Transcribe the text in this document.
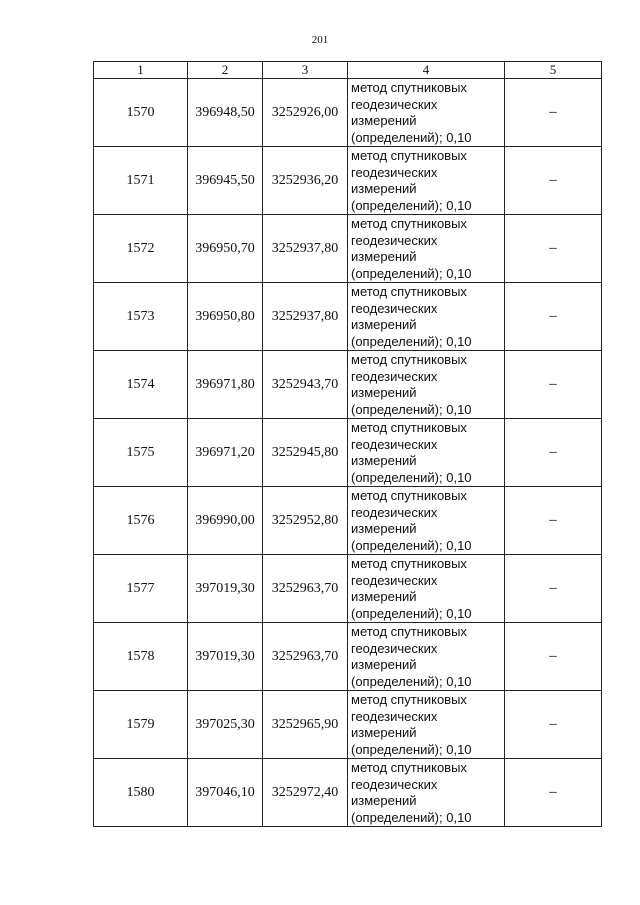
201
1	2	3	4	5
1570	396948,50	3252926,00	метод спутниковых
геодезических
измерений
(определений); 0,10	–
1571	396945,50	3252936,20	метод спутниковых
геодезических
измерений
(определений); 0,10	–
1572	396950,70	3252937,80	метод спутниковых
геодезических
измерений
(определений); 0,10	–
1573	396950,80	3252937,80	метод спутниковых
геодезических
измерений
(определений); 0,10	–
1574	396971,80	3252943,70	метод спутниковых
геодезических
измерений
(определений); 0,10	–
1575	396971,20	3252945,80	метод спутниковых
геодезических
измерений
(определений); 0,10	–
1576	396990,00	3252952,80	метод спутниковых
геодезических
измерений
(определений); 0,10	–
1577	397019,30	3252963,70	метод спутниковых
геодезических
измерений
(определений); 0,10	–
1578	397019,30	3252963,70	метод спутниковых
геодезических
измерений
(определений); 0,10	–
1579	397025,30	3252965,90	метод спутниковых
геодезических
измерений
(определений); 0,10	–
1580	397046,10	3252972,40	метод спутниковых
геодезических
измерений
(определений); 0,10	–
